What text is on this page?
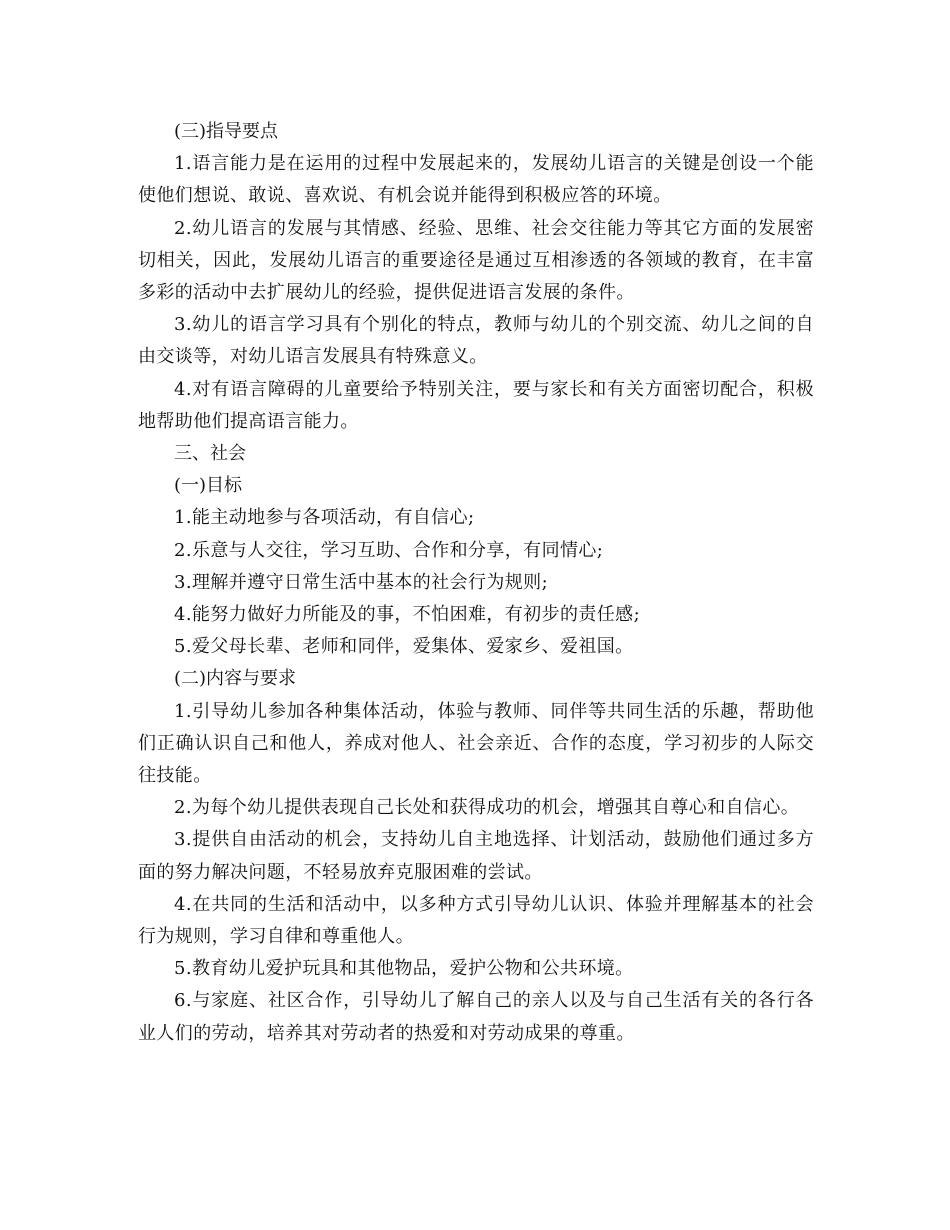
(三)指导要点

1.语言能力是在运用的过程中发展起来的，发展幼儿语言的关键是创设一个能使他们想说、敢说、喜欢说、有机会说并能得到积极应答的环境。

2.幼儿语言的发展与其情感、经验、思维、社会交往能力等其它方面的发展密切相关，因此，发展幼儿语言的重要途径是通过互相渗透的各领域的教育，在丰富多彩的活动中去扩展幼儿的经验，提供促进语言发展的条件。

3.幼儿的语言学习具有个别化的特点，教师与幼儿的个别交流、幼儿之间的自由交谈等，对幼儿语言发展具有特殊意义。

4.对有语言障碍的儿童要给予特别关注，要与家长和有关方面密切配合，积极地帮助他们提高语言能力。

三、社会

(一)目标

1.能主动地参与各项活动，有自信心;

2.乐意与人交往，学习互助、合作和分享，有同情心;

3.理解并遵守日常生活中基本的社会行为规则;

4.能努力做好力所能及的事，不怕困难，有初步的责任感;

5.爱父母长辈、老师和同伴，爱集体、爱家乡、爱祖国。

(二)内容与要求

1.引导幼儿参加各种集体活动，体验与教师、同伴等共同生活的乐趣，帮助他们正确认识自己和他人，养成对他人、社会亲近、合作的态度，学习初步的人际交往技能。

2.为每个幼儿提供表现自己长处和获得成功的机会，增强其自尊心和自信心。

3.提供自由活动的机会，支持幼儿自主地选择、计划活动，鼓励他们通过多方面的努力解决问题，不轻易放弃克服困难的尝试。

4.在共同的生活和活动中，以多种方式引导幼儿认识、体验并理解基本的社会行为规则，学习自律和尊重他人。

5.教育幼儿爱护玩具和其他物品，爱护公物和公共环境。

6.与家庭、社区合作，引导幼儿了解自己的亲人以及与自己生活有关的各行各业人们的劳动，培养其对劳动者的热爱和对劳动成果的尊重。
